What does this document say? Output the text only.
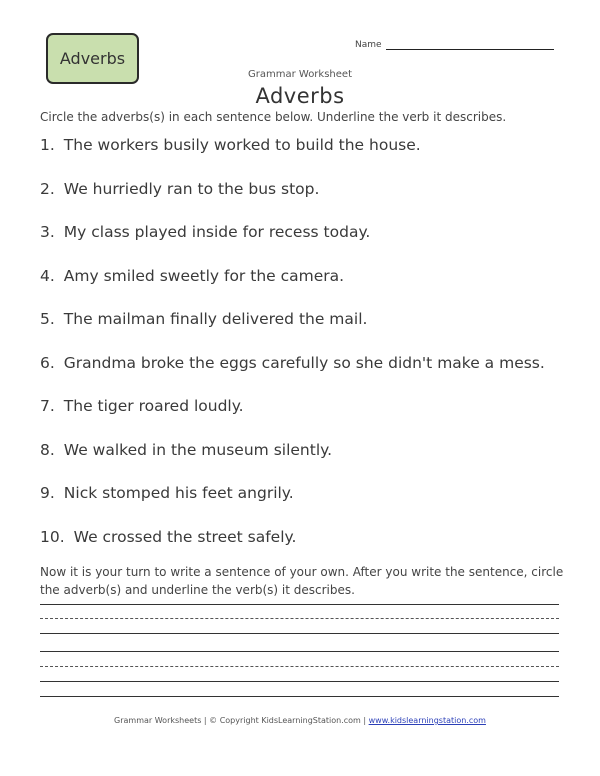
Adverbs
Name
Grammar Worksheet
Adverbs
Circle the adverbs(s) in each sentence below. Underline the verb it describes.
1. The workers busily worked to build the house.
2. We hurriedly ran to the bus stop.
3. My class played inside for recess today.
4. Amy smiled sweetly for the camera.
5. The mailman finally delivered the mail.
6. Grandma broke the eggs carefully so she didn't make a mess.
7. The tiger roared loudly.
8. We walked in the museum silently.
9. Nick stomped his feet angrily.
10. We crossed the street safely.
Now it is your turn to write a sentence of your own. After you write the sentence, circle the adverb(s) and underline the verb(s) it describes.
Grammar Worksheets | © Copyright KidsLearningStation.com | www.kidslearningstation.com
